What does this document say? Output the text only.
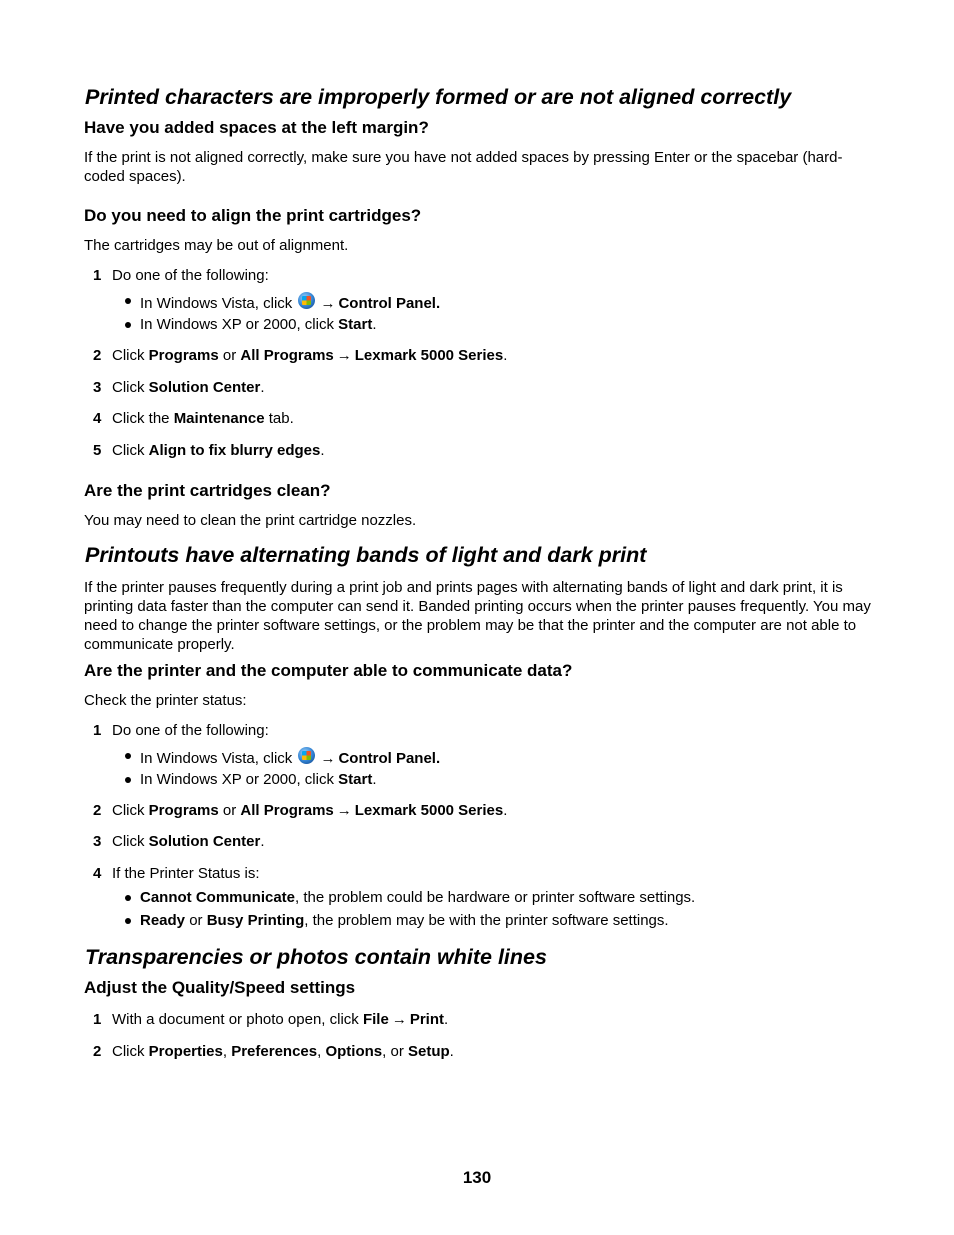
Printed characters are improperly formed or are not aligned correctly
Have you added spaces at the left margin?
If the print is not aligned correctly, make sure you have not added spaces by pressing Enter or the spacebar (hard-coded spaces).
Do you need to align the print cartridges?
The cartridges may be out of alignment.
1 Do one of the following:
In Windows Vista, click → Control Panel.
In Windows XP or 2000, click Start.
2 Click Programs or All Programs → Lexmark 5000 Series.
3 Click Solution Center.
4 Click the Maintenance tab.
5 Click Align to fix blurry edges.
Are the print cartridges clean?
You may need to clean the print cartridge nozzles.
Printouts have alternating bands of light and dark print
If the printer pauses frequently during a print job and prints pages with alternating bands of light and dark print, it is printing data faster than the computer can send it. Banded printing occurs when the printer pauses frequently. You may need to change the printer software settings, or the problem may be that the printer and the computer are not able to communicate properly.
Are the printer and the computer able to communicate data?
Check the printer status:
1 Do one of the following:
In Windows Vista, click → Control Panel.
In Windows XP or 2000, click Start.
2 Click Programs or All Programs → Lexmark 5000 Series.
3 Click Solution Center.
4 If the Printer Status is:
Cannot Communicate, the problem could be hardware or printer software settings.
Ready or Busy Printing, the problem may be with the printer software settings.
Transparencies or photos contain white lines
Adjust the Quality/Speed settings
1 With a document or photo open, click File → Print.
2 Click Properties, Preferences, Options, or Setup.
130
